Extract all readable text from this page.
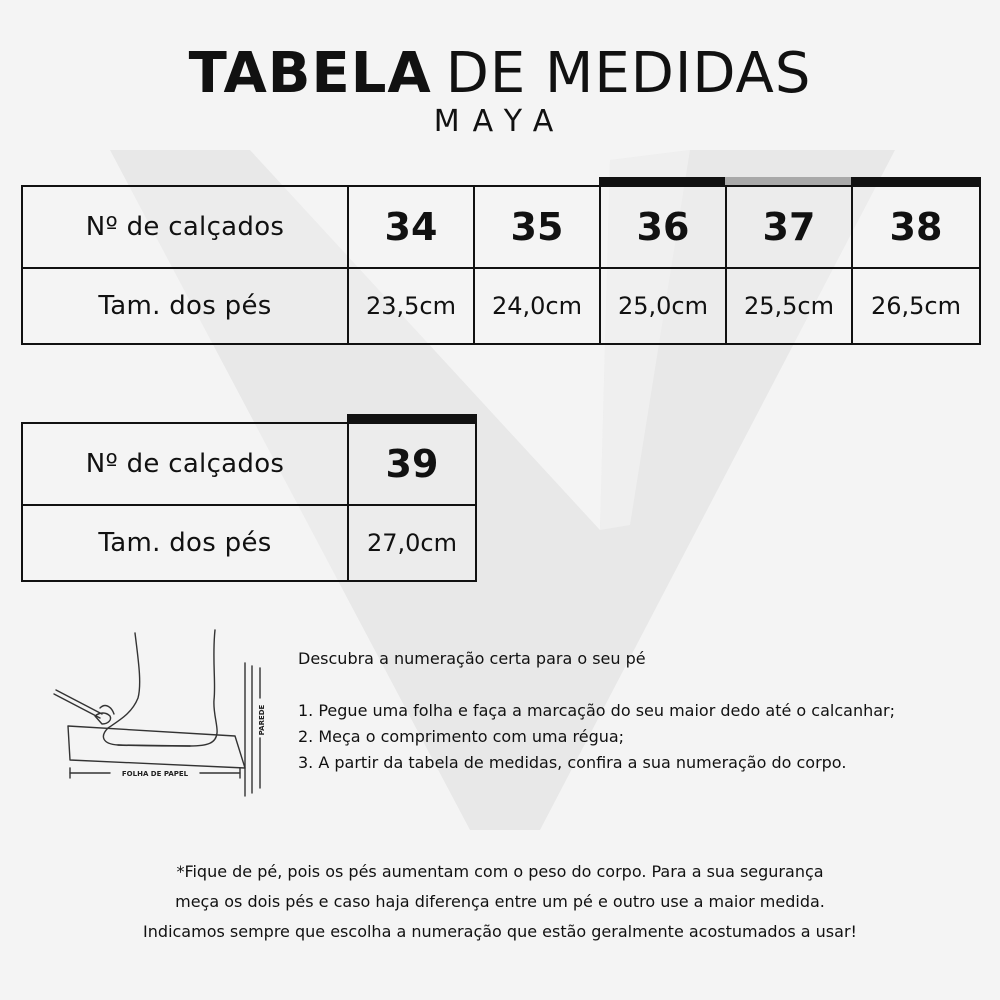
TABELA DE MEDIDAS
MAYA
Nº de calçados	34	35	36	37	38
Tam. dos pés	23,5cm	24,0cm	25,0cm	25,5cm	26,5cm
Nº de calçados	39
Tam. dos pés	27,0cm
FOLHA DE PAPEL
PAREDE
Descubra a numeração certa para o seu pé
1. Pegue uma folha e faça a marcação do seu maior dedo até o calcanhar;
2. Meça o comprimento com uma régua;
3. A partir da tabela de medidas, confira a sua numeração do corpo.
*Fique de pé, pois os pés aumentam com o peso do corpo. Para a sua segurança
meça os dois pés e caso haja diferença entre um pé e outro use a maior medida.
Indicamos sempre que escolha a numeração que estão geralmente acostumados a usar!
